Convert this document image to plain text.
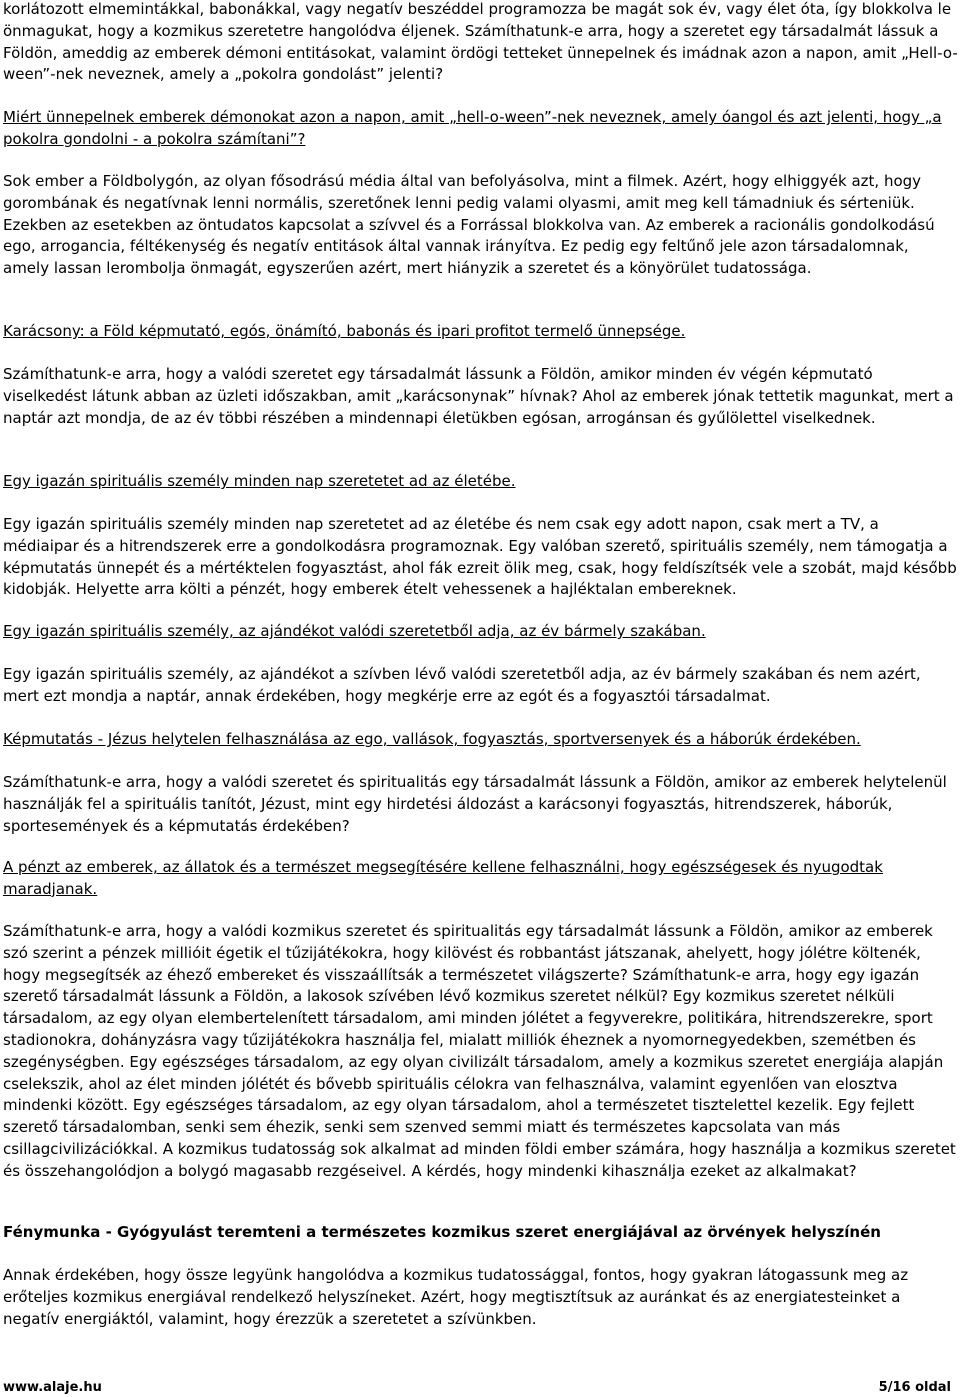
korlátozott elmemintákkal, babonákkal, vagy negatív beszéddel programozza be magát sok év, vagy élet óta, így blokkolva le önmagukat, hogy a kozmikus szeretetre hangolódva éljenek. Számíthatunk-e arra, hogy a szeretet egy társadalmát lássuk a Földön, ameddig az emberek démoni entitásokat, valamint ördögi tetteket ünnepelnek és imádnak azon a napon, amit „Hell-o-ween”-nek neveznek, amely a „pokolra gondolást” jelenti?

Miért ünnepelnek emberek démonokat azon a napon, amit „hell-o-ween”-nek neveznek, amely óangol és azt jelenti, hogy „a pokolra gondolni - a pokolra számítani”?

Sok ember a Földbolygón, az olyan fősodrású média által van befolyásolva, mint a filmek. Azért, hogy elhiggyék azt, hogy gorombának és negatívnak lenni normális, szeretőnek lenni pedig valami olyasmi, amit meg kell támadniuk és sérteniük. Ezekben az esetekben az öntudatos kapcsolat a szívvel és a Forrással blokkolva van. Az emberek a racionális gondolkodású ego, arrogancia, féltékenység és negatív entitások által vannak irányítva. Ez pedig egy feltűnő jele azon társadalomnak, amely lassan lerombolja önmagát, egyszerűen azért, mert hiányzik a szeretet és a könyörület tudatossága.

Karácsony: a Föld képmutató, egós, önámító, babonás és ipari profitot termelő ünnepsége.

Számíthatunk-e arra, hogy a valódi szeretet egy társadalmát lássunk a Földön, amikor minden év végén képmutató viselkedést látunk abban az üzleti időszakban, amit „karácsonynak” hívnak? Ahol az emberek jónak tettetik magunkat, mert a naptár azt mondja, de az év többi részében a mindennapi életükben egósan, arrogánsan és gyűlölettel viselkednek.

Egy igazán spirituális személy minden nap szeretetet ad az életébe.

Egy igazán spirituális személy minden nap szeretetet ad az életébe és nem csak egy adott napon, csak mert a TV, a médiaipar és a hitrendszerek erre a gondolkodásra programoznak. Egy valóban szerető, spirituális személy, nem támogatja a képmutatás ünnepét és a mértéktelen fogyasztást, ahol fák ezreit ölik meg, csak, hogy feldíszítsék vele a szobát, majd később kidobják. Helyette arra költi a pénzét, hogy emberek ételt vehessenek a hajléktalan embereknek.

Egy igazán spirituális személy, az ajándékot valódi szeretetből adja, az év bármely szakában.

Egy igazán spirituális személy, az ajándékot a szívben lévő valódi szeretetből adja, az év bármely szakában és nem azért, mert ezt mondja a naptár, annak érdekében, hogy megkérje erre az egót és a fogyasztói társadalmat.

Képmutatás - Jézus helytelen felhasználása az ego, vallások, fogyasztás, sportversenyek és a háborúk érdekében.

Számíthatunk-e arra, hogy a valódi szeretet és spiritualitás egy társadalmát lássunk a Földön, amikor az emberek helytelenül használják fel a spirituális tanítót, Jézust, mint egy hirdetési áldozást a karácsonyi fogyasztás, hitrendszerek, háborúk, sportesemények és a képmutatás érdekében?

A pénzt az emberek, az állatok és a természet megsegítésére kellene felhasználni, hogy egészségesek és nyugodtak maradjanak.

Számíthatunk-e arra, hogy a valódi kozmikus szeretet és spiritualitás egy társadalmát lássunk a Földön, amikor az emberek szó szerint a pénzek millióit égetik el tűzijátékokra, hogy kilövést és robbantást játszanak, ahelyett, hogy jólétre költenék, hogy megsegítsék az éhező embereket és visszaállítsák a természetet világszerte? Számíthatunk-e arra, hogy egy igazán szerető társadalmát lássunk a Földön, a lakosok szívében lévő kozmikus szeretet nélkül? Egy kozmikus szeretet nélküli társadalom, az egy olyan elembertelenített társadalom, ami minden jólétet a fegyverekre, politikára, hitrendszerekre, sport stadionokra, dohányzásra vagy tűzijátékokra használja fel, mialatt milliók éheznek a nyomornegyedekben, szemétben és szegénységben. Egy egészséges társadalom, az egy olyan civilizált társadalom, amely a kozmikus szeretet energiája alapján cselekszik, ahol az élet minden jólétét és bővebb spirituális célokra van felhasználva, valamint egyenlően van elosztva mindenki között. Egy egészséges társadalom, az egy olyan társadalom, ahol a természetet tisztelettel kezelik. Egy fejlett szerető társadalomban, senki sem éhezik, senki sem szenved semmi miatt és természetes kapcsolata van más csillagcivilizációkkal. A kozmikus tudatosság sok alkalmat ad minden földi ember számára, hogy használja a kozmikus szeretet és összehangolódjon a bolygó magasabb rezgéseivel. A kérdés, hogy mindenki kihasználja ezeket az alkalmakat?

Fénymunka - Gyógyulást teremteni a természetes kozmikus szeret energiájával az örvények helyszínén

Annak érdekében, hogy össze legyünk hangolódva a kozmikus tudatossággal, fontos, hogy gyakran látogassunk meg az erőteljes kozmikus energiával rendelkező helyszíneket. Azért, hogy megtisztítsuk az auránkat és az energiatesteinket a negatív energiáktól, valamint, hogy érezzük a szeretetet a szívünkben.

www.alaje.hu	5/16 oldal
